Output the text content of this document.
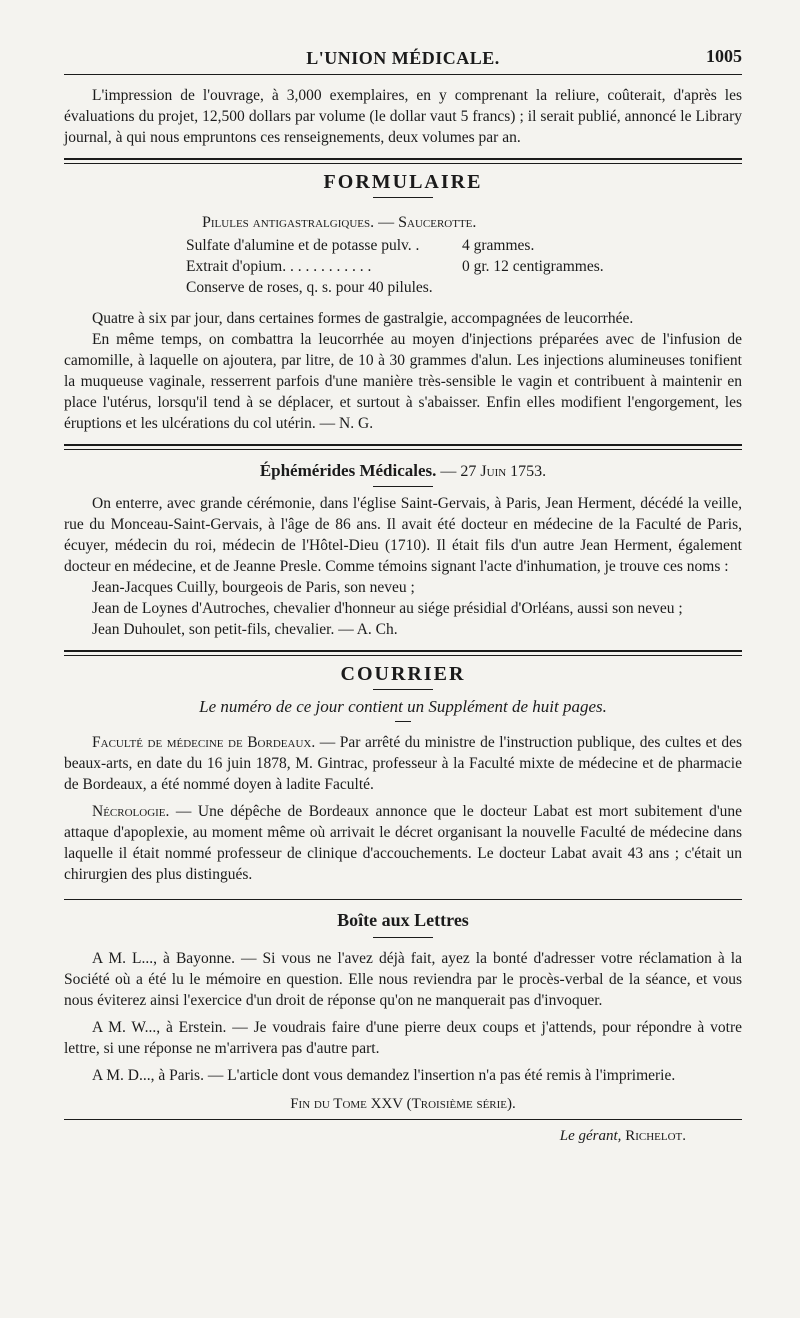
L'UNION MÉDICALE.	1005

L'impression de l'ouvrage, à 3,000 exemplaires, en y comprenant la reliure, coûterait, d'après les évaluations du projet, 12,500 dollars par volume (le dollar vaut 5 francs) ; il serait publié, annoncé le Library journal, à qui nous empruntons ces renseignements, deux volumes par an.

FORMULAIRE
Pilules antigastralgiques. — Saucerotte.
Sulfate d'alumine et de potasse pulv. .	4 grammes.
Extrait d'opium. . . . . . . . . . . .	0 gr. 12 centigrammes.
Conserve de roses, q. s. pour 40 pilules.

Quatre à six par jour, dans certaines formes de gastralgie, accompagnées de leucorrhée.

En même temps, on combattra la leucorrhée au moyen d'injections préparées avec de l'infusion de camomille, à laquelle on ajoutera, par litre, de 10 à 30 grammes d'alun. Les injections alumineuses tonifient la muqueuse vaginale, resserrent parfois d'une manière très-sensible le vagin et contribuent à maintenir en place l'utérus, lorsqu'il tend à se déplacer, et surtout à s'abaisser. Enfin elles modifient l'engorgement, les éruptions et les ulcérations du col utérin. — N. G.

Éphémérides Médicales. — 27 Juin 1753.

On enterre, avec grande cérémonie, dans l'église Saint-Gervais, à Paris, Jean Herment, décédé la veille, rue du Monceau-Saint-Gervais, à l'âge de 86 ans. Il avait été docteur en médecine de la Faculté de Paris, écuyer, médecin du roi, médecin de l'Hôtel-Dieu (1710). Il était fils d'un autre Jean Herment, également docteur en médecine, et de Jeanne Presle. Comme témoins signant l'acte d'inhumation, je trouve ces noms :

Jean-Jacques Cuilly, bourgeois de Paris, son neveu ;

Jean de Loynes d'Autroches, chevalier d'honneur au siége présidial d'Orléans, aussi son neveu ;

Jean Duhoulet, son petit-fils, chevalier. — A. Ch.

COURRIER
Le numéro de ce jour contient un Supplément de huit pages.

Faculté de médecine de Bordeaux. — Par arrêté du ministre de l'instruction publique, des cultes et des beaux-arts, en date du 16 juin 1878, M. Gintrac, professeur à la Faculté mixte de médecine et de pharmacie de Bordeaux, a été nommé doyen à ladite Faculté.

Nécrologie. — Une dépêche de Bordeaux annonce que le docteur Labat est mort subitement d'une attaque d'apoplexie, au moment même où arrivait le décret organisant la nouvelle Faculté de médecine dans laquelle il était nommé professeur de clinique d'accouchements. Le docteur Labat avait 43 ans ; c'était un chirurgien des plus distingués.

Boîte aux Lettres

A M. L..., à Bayonne. — Si vous ne l'avez déjà fait, ayez la bonté d'adresser votre réclamation à la Société où a été lu le mémoire en question. Elle nous reviendra par le procès-verbal de la séance, et vous nous éviterez ainsi l'exercice d'un droit de réponse qu'on ne manquerait pas d'invoquer.

A M. W..., à Erstein. — Je voudrais faire d'une pierre deux coups et j'attends, pour répondre à votre lettre, si une réponse ne m'arrivera pas d'autre part.

A M. D..., à Paris. — L'article dont vous demandez l'insertion n'a pas été remis à l'imprimerie.

Fin du Tome XXV (Troisième série).
Le gérant, Richelot.
